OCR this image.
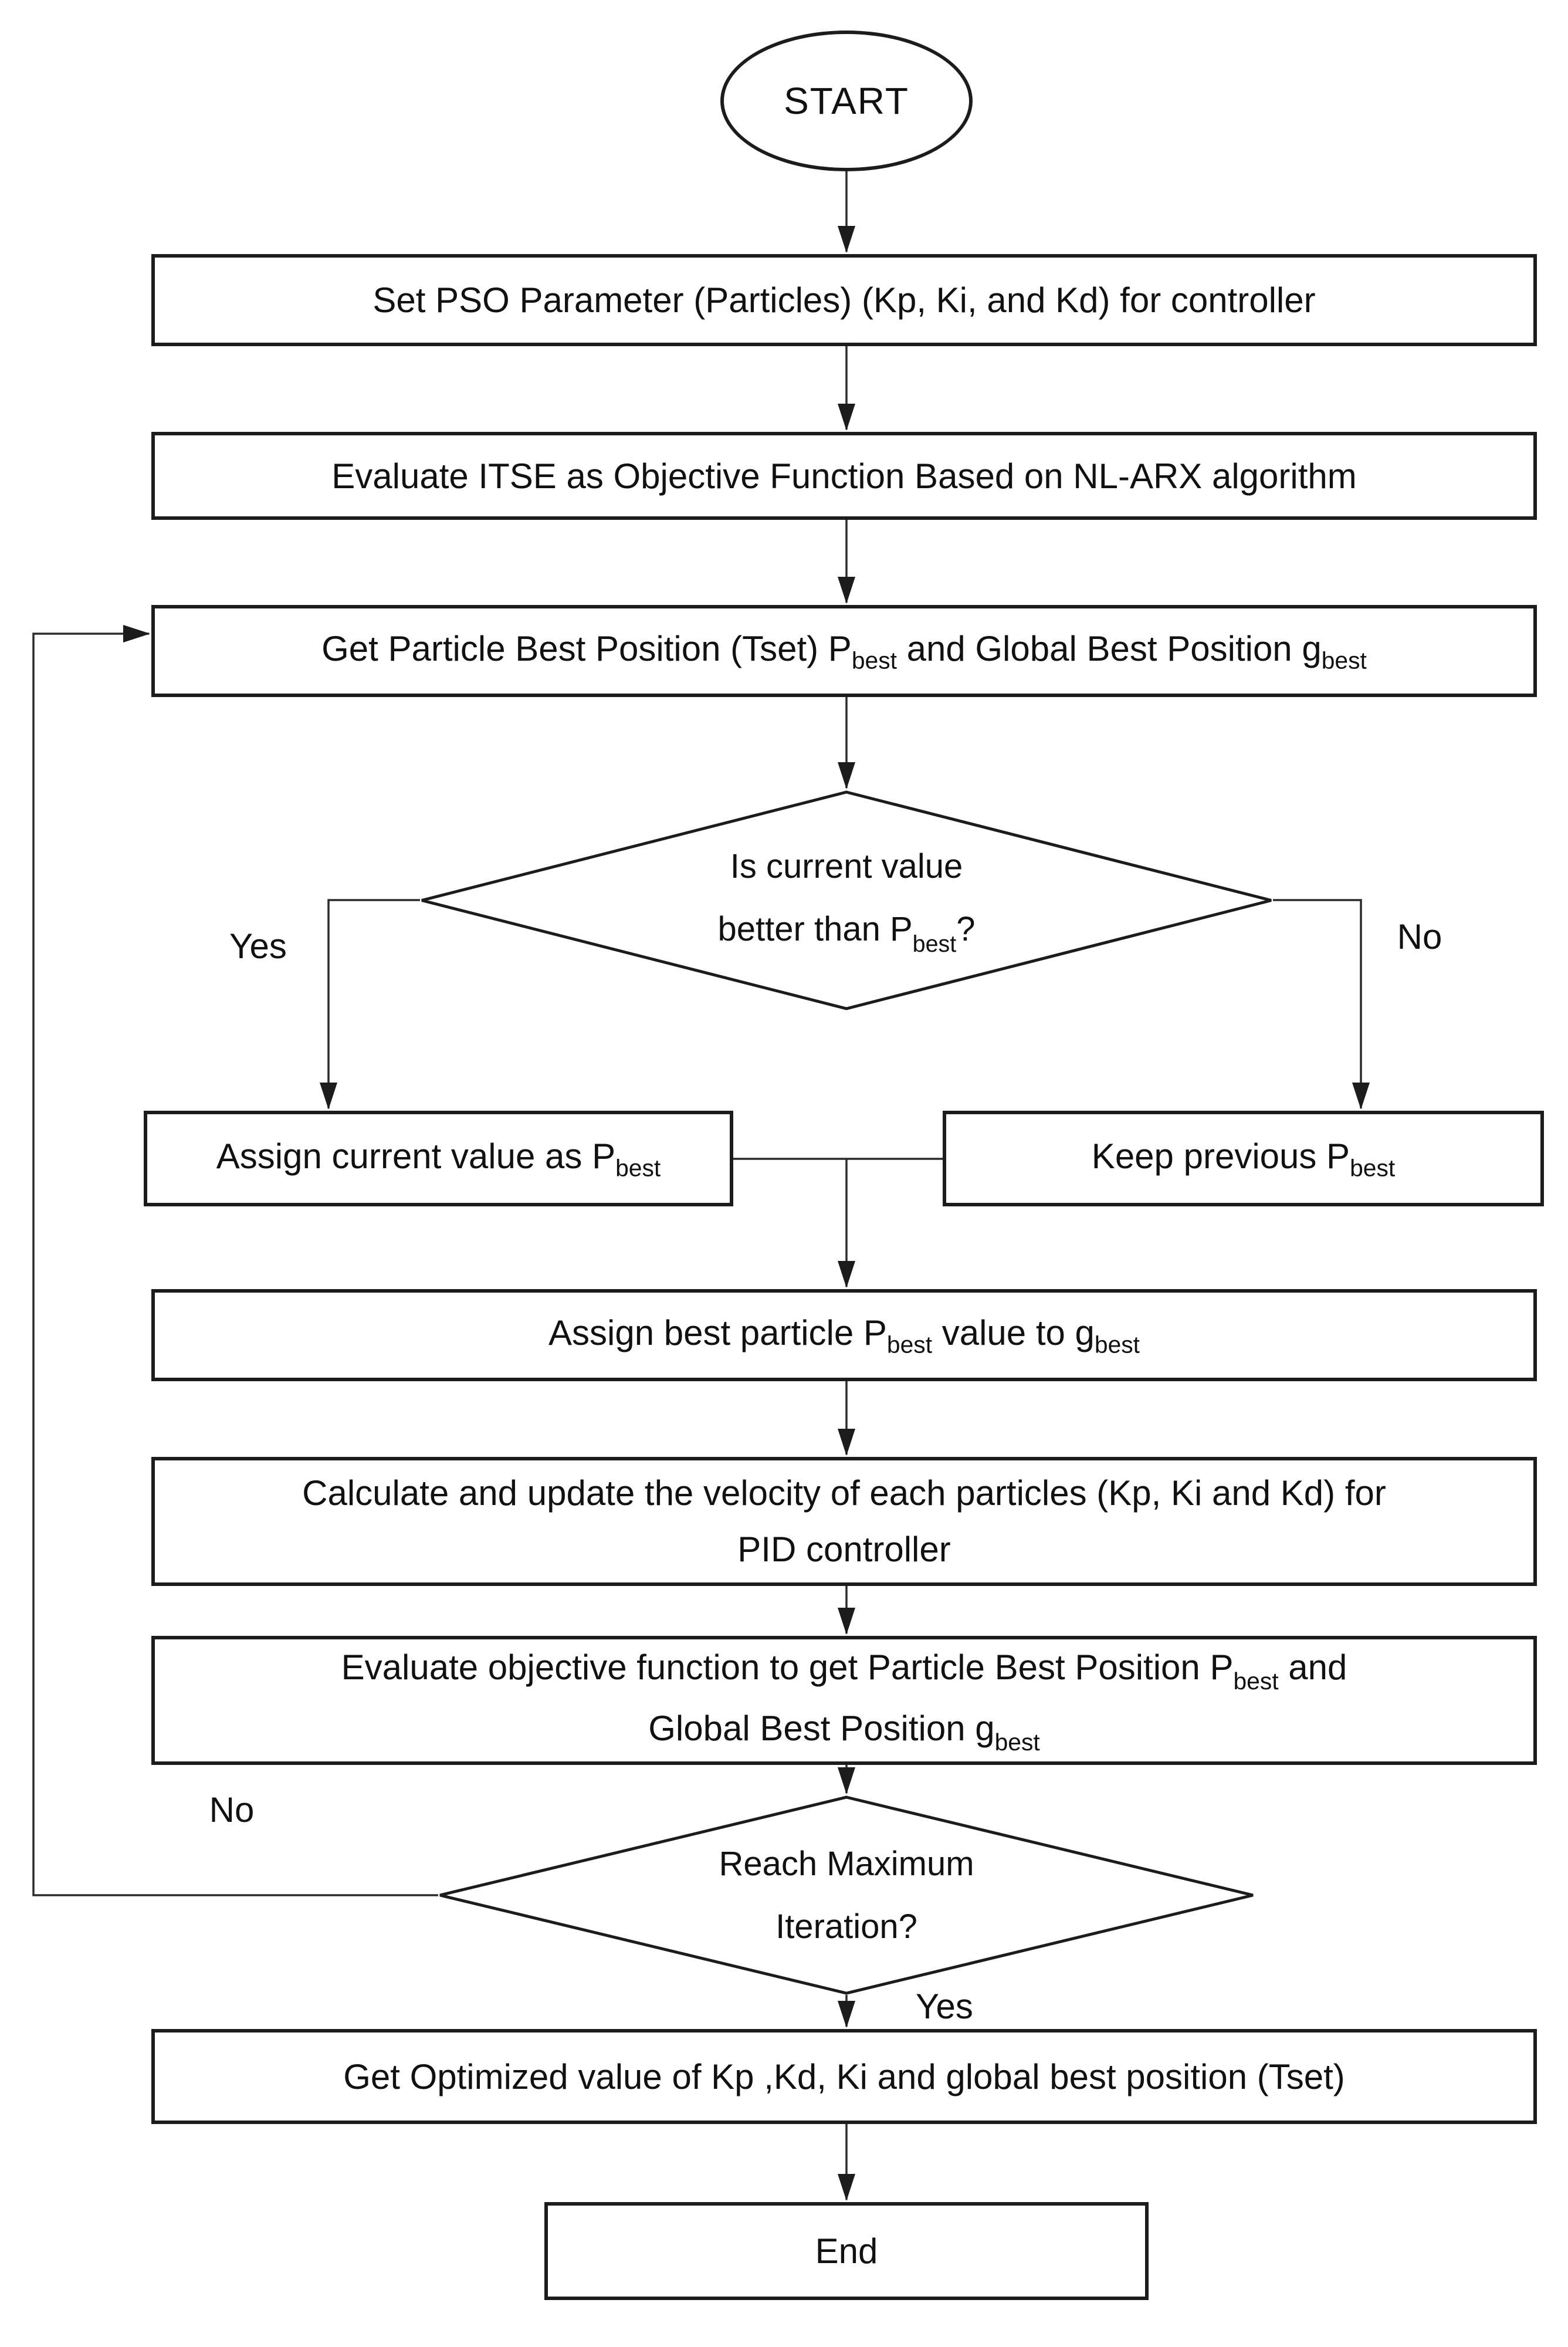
START
Set PSO Parameter (Particles) (Kp, Ki, and Kd) for controller
Evaluate ITSE as Objective Function Based on NL-ARX algorithm
Get Particle Best Position (Tset) $P_{best}$ and Global Best Position $g_{best}$
Is current value
better than $P_{best}$?
Yes	No
Assign current value as $P_{best}$	Keep previous $P_{best}$
Assign best particle $P_{best}$ value to $g_{best}$
Calculate and update the velocity of each particles (Kp, Ki and Kd) for
PID controller
Evaluate objective function to get Particle Best Position $P_{best}$ and
Global Best Position $g_{best}$
Reach Maximum
Iteration?
No
Yes
Get Optimized value of Kp ,Kd, Ki and global best position (Tset)
End
